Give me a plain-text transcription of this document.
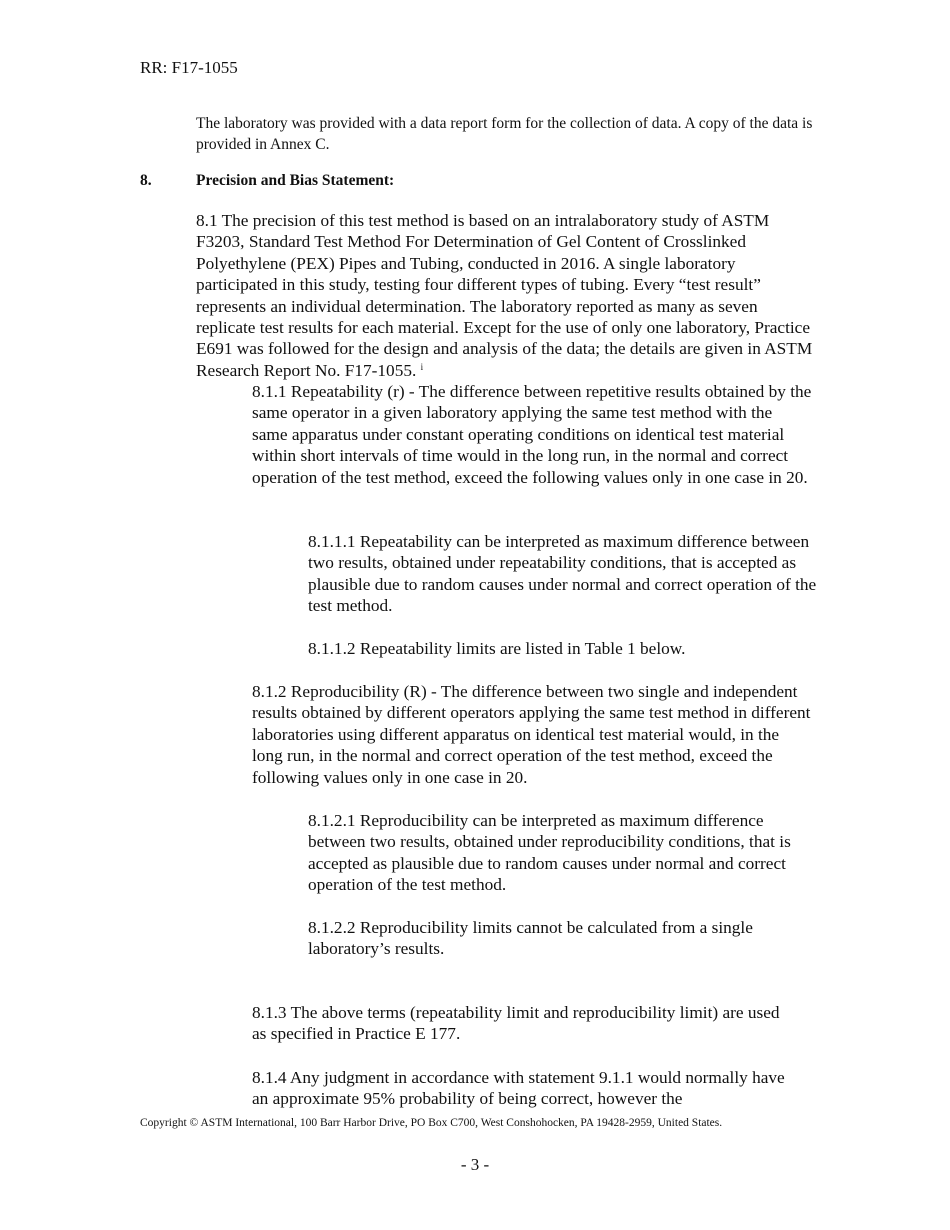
RR: F17-1055
The laboratory was provided with a data report form for the collection of data. A copy of the data is provided in Annex C.
8.	Precision and Bias Statement:
8.1 The precision of this test method is based on an intralaboratory study of ASTM F3203, Standard Test Method For Determination of Gel Content of Crosslinked Polyethylene (PEX) Pipes and Tubing, conducted in 2016. A single laboratory participated in this study, testing four different types of tubing. Every “test result” represents an individual determination. The laboratory reported as many as seven replicate test results for each material. Except for the use of only one laboratory, Practice E691 was followed for the design and analysis of the data; the details are given in ASTM Research Report No. F17-1055. $^i$
8.1.1 Repeatability (r) - The difference between repetitive results obtained by the same operator in a given laboratory applying the same test method with the same apparatus under constant operating conditions on identical test material within short intervals of time would in the long run, in the normal and correct operation of the test method, exceed the following values only in one case in 20.
8.1.1.1 Repeatability can be interpreted as maximum difference between two results, obtained under repeatability conditions, that is accepted as plausible due to random causes under normal and correct operation of the test method.
8.1.1.2 Repeatability limits are listed in Table 1 below.
8.1.2 Reproducibility (R) - The difference between two single and independent results obtained by different operators applying the same test method in different laboratories using different apparatus on identical test material would, in the long run, in the normal and correct operation of the test method, exceed the following values only in one case in 20.
8.1.2.1 Reproducibility can be interpreted as maximum difference between two results, obtained under reproducibility conditions, that is accepted as plausible due to random causes under normal and correct operation of the test method.
8.1.2.2 Reproducibility limits cannot be calculated from a single laboratory’s results.
8.1.3 The above terms (repeatability limit and reproducibility limit) are used as specified in Practice E 177.
8.1.4 Any judgment in accordance with statement 9.1.1 would normally have an approximate 95% probability of being correct, however the
Copyright © ASTM International, 100 Barr Harbor Drive, PO Box C700, West Conshohocken, PA 19428-2959, United States.
- 3 -
